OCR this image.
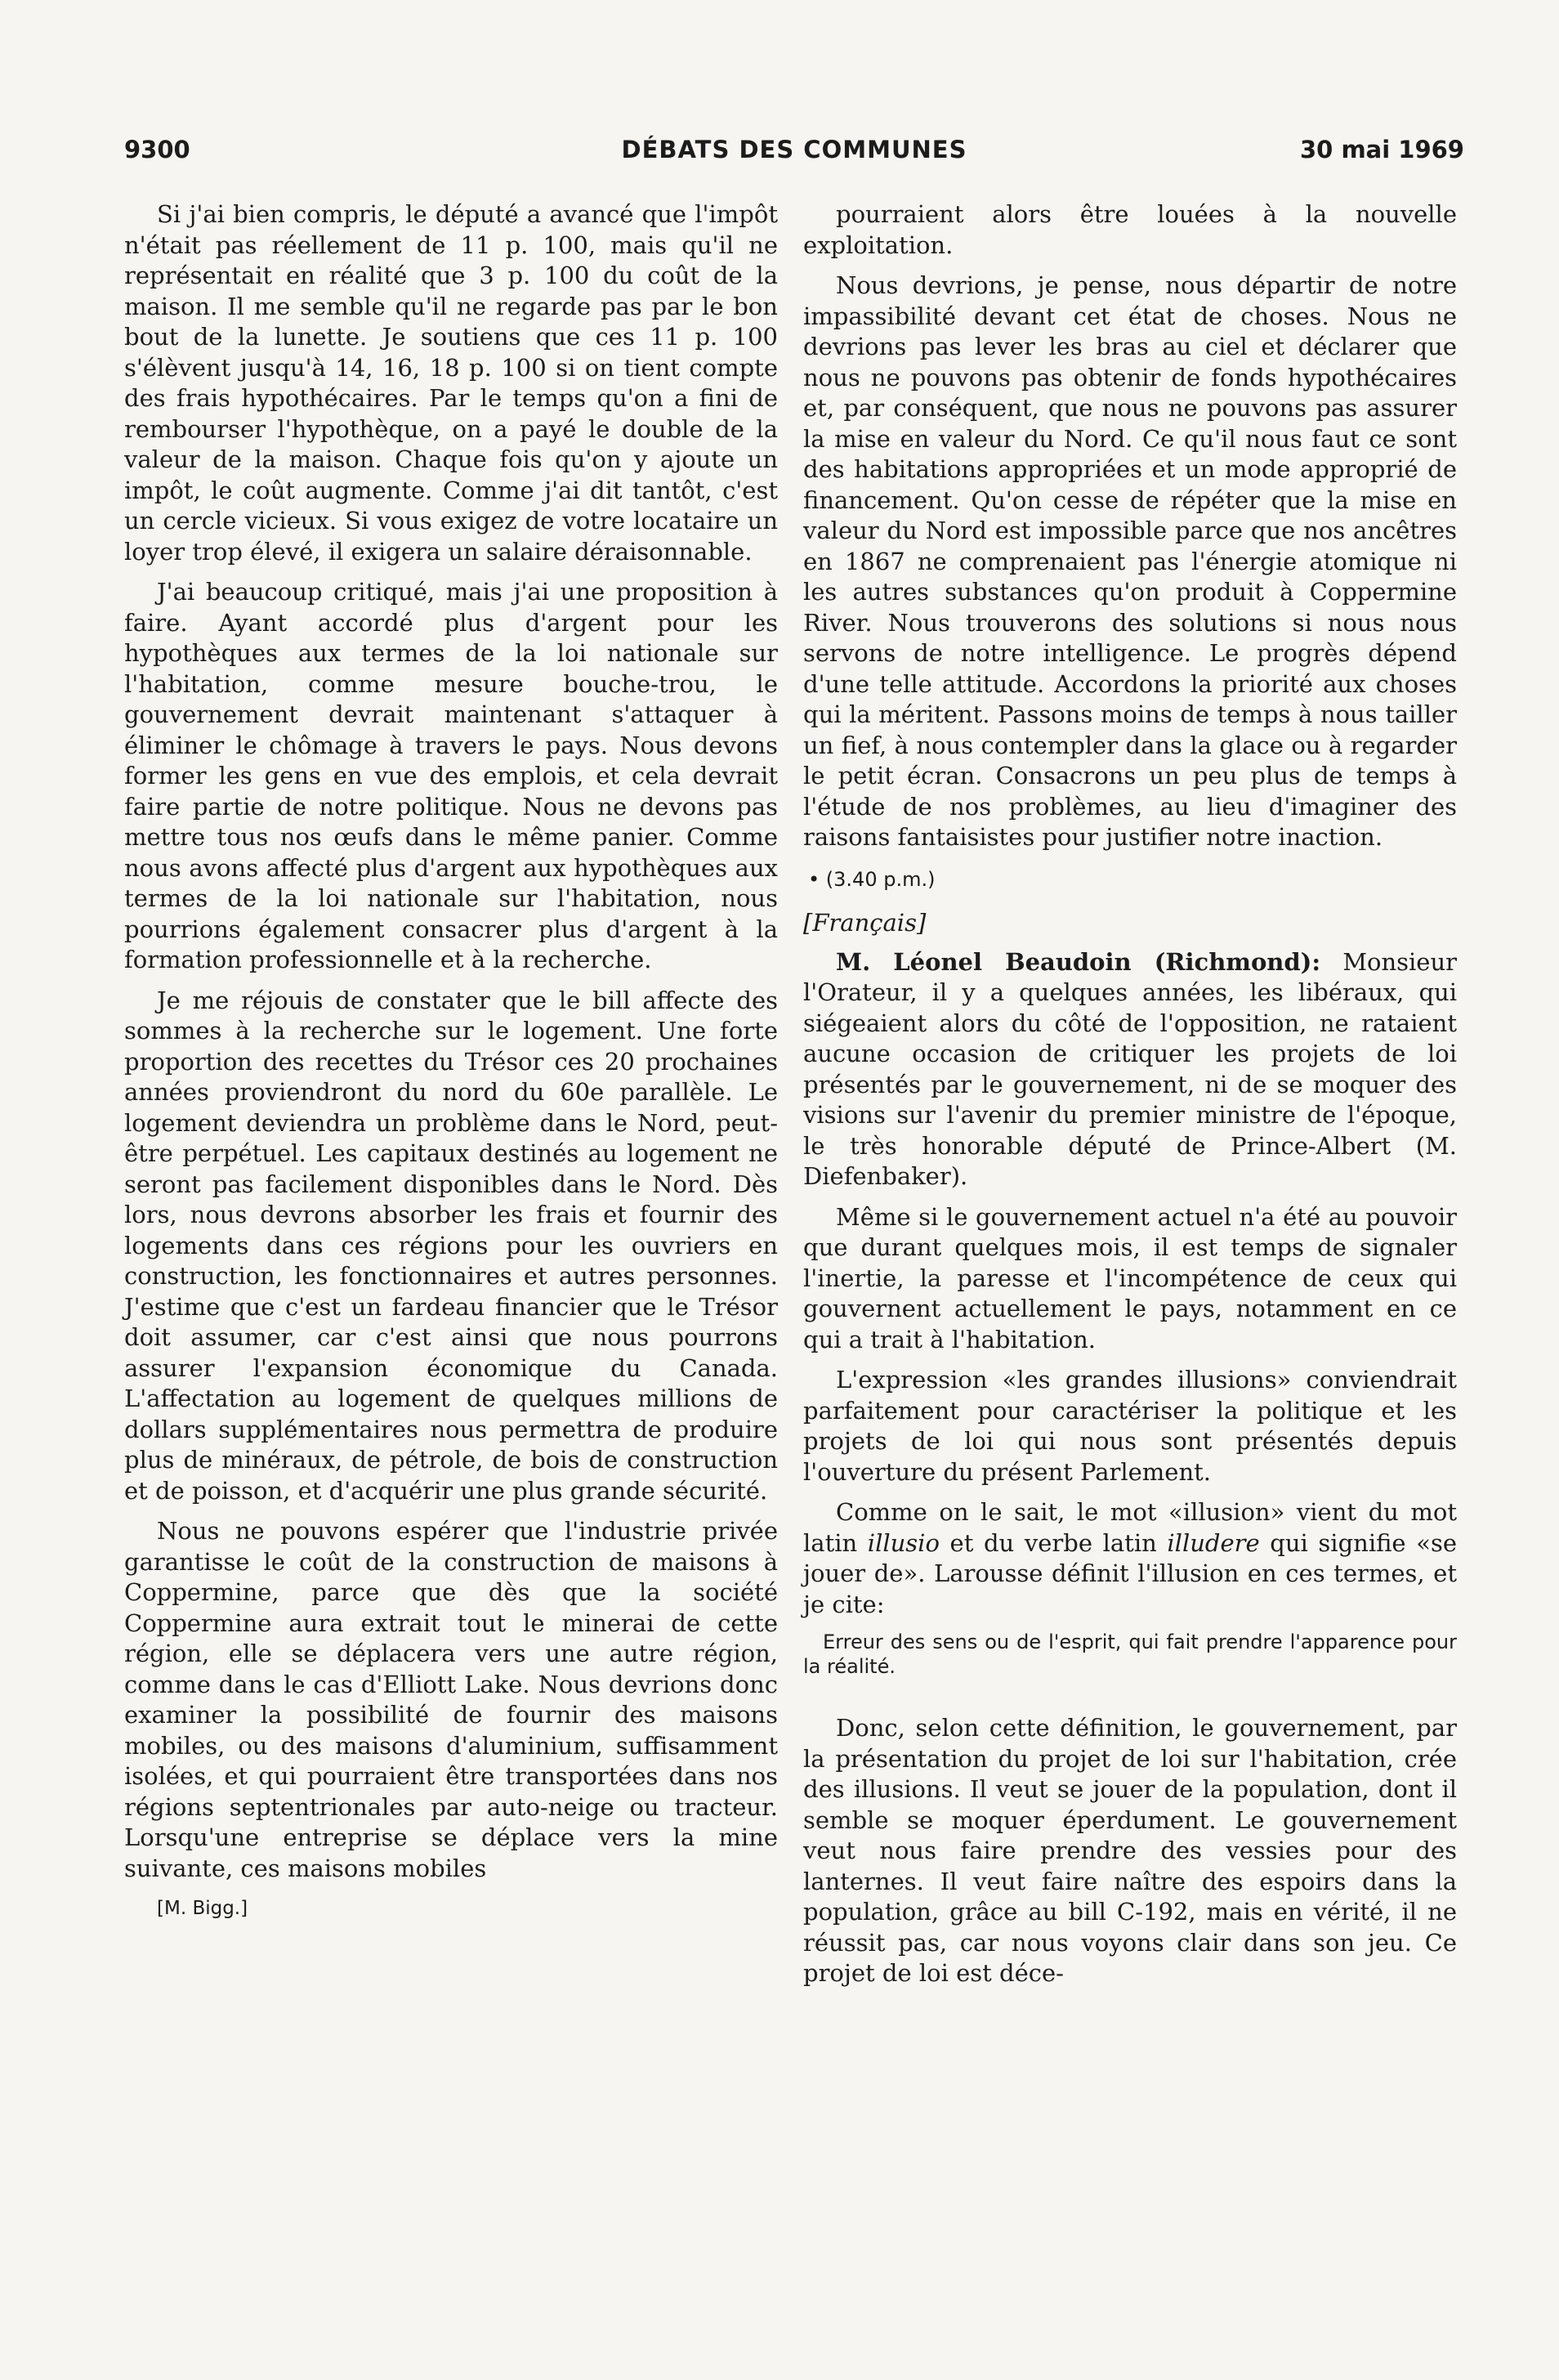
9300	DÉBATS DES COMMUNES	30 mai 1969

Si j'ai bien compris, le député a avancé que l'impôt n'était pas réellement de 11 p. 100, mais qu'il ne représentait en réalité que 3 p. 100 du coût de la maison. Il me semble qu'il ne regarde pas par le bon bout de la lunette. Je soutiens que ces 11 p. 100 s'élèvent jusqu'à 14, 16, 18 p. 100 si on tient compte des frais hypothécaires. Par le temps qu'on a fini de rembourser l'hypothèque, on a payé le double de la valeur de la maison. Chaque fois qu'on y ajoute un impôt, le coût augmente. Comme j'ai dit tantôt, c'est un cercle vicieux. Si vous exigez de votre locataire un loyer trop élevé, il exigera un salaire déraisonnable.

J'ai beaucoup critiqué, mais j'ai une proposition à faire. Ayant accordé plus d'argent pour les hypothèques aux termes de la loi nationale sur l'habitation, comme mesure bouche-trou, le gouvernement devrait maintenant s'attaquer à éliminer le chômage à travers le pays. Nous devons former les gens en vue des emplois, et cela devrait faire partie de notre politique. Nous ne devons pas mettre tous nos œufs dans le même panier. Comme nous avons affecté plus d'argent aux hypothèques aux termes de la loi nationale sur l'habitation, nous pourrions également consacrer plus d'argent à la formation professionnelle et à la recherche.

Je me réjouis de constater que le bill affecte des sommes à la recherche sur le logement. Une forte proportion des recettes du Trésor ces 20 prochaines années proviendront du nord du 60e parallèle. Le logement deviendra un problème dans le Nord, peut-être perpétuel. Les capitaux destinés au logement ne seront pas facilement disponibles dans le Nord. Dès lors, nous devrons absorber les frais et fournir des logements dans ces régions pour les ouvriers en construction, les fonctionnaires et autres personnes. J'estime que c'est un fardeau financier que le Trésor doit assumer, car c'est ainsi que nous pourrons assurer l'expansion économique du Canada. L'affectation au logement de quelques millions de dollars supplémentaires nous permettra de produire plus de minéraux, de pétrole, de bois de construction et de poisson, et d'acquérir une plus grande sécurité.

Nous ne pouvons espérer que l'industrie privée garantisse le coût de la construction de maisons à Coppermine, parce que dès que la société Coppermine aura extrait tout le minerai de cette région, elle se déplacera vers une autre région, comme dans le cas d'Elliott Lake. Nous devrions donc examiner la possibilité de fournir des maisons mobiles, ou des maisons d'aluminium, suffisamment isolées, et qui pourraient être transportées dans nos régions septentrionales par auto-neige ou tracteur. Lorsqu'une entreprise se déplace vers la mine suivante, ces maisons mobiles

[M. Bigg.]

pourraient alors être louées à la nouvelle exploitation.

Nous devrions, je pense, nous départir de notre impassibilité devant cet état de choses. Nous ne devrions pas lever les bras au ciel et déclarer que nous ne pouvons pas obtenir de fonds hypothécaires et, par conséquent, que nous ne pouvons pas assurer la mise en valeur du Nord. Ce qu'il nous faut ce sont des habitations appropriées et un mode approprié de financement. Qu'on cesse de répéter que la mise en valeur du Nord est impossible parce que nos ancêtres en 1867 ne comprenaient pas l'énergie atomique ni les autres substances qu'on produit à Coppermine River. Nous trouverons des solutions si nous nous servons de notre intelligence. Le progrès dépend d'une telle attitude. Accordons la priorité aux choses qui la méritent. Passons moins de temps à nous tailler un fief, à nous contempler dans la glace ou à regarder le petit écran. Consacrons un peu plus de temps à l'étude de nos problèmes, au lieu d'imaginer des raisons fantaisistes pour justifier notre inaction.

• (3.40 p.m.)

[Français]

M. Léonel Beaudoin (Richmond): Monsieur l'Orateur, il y a quelques années, les libéraux, qui siégeaient alors du côté de l'opposition, ne rataient aucune occasion de critiquer les projets de loi présentés par le gouvernement, ni de se moquer des visions sur l'avenir du premier ministre de l'époque, le très honorable député de Prince-Albert (M. Diefenbaker).

Même si le gouvernement actuel n'a été au pouvoir que durant quelques mois, il est temps de signaler l'inertie, la paresse et l'incompétence de ceux qui gouvernent actuellement le pays, notamment en ce qui a trait à l'habitation.

L'expression «les grandes illusions» conviendrait parfaitement pour caractériser la politique et les projets de loi qui nous sont présentés depuis l'ouverture du présent Parlement.

Comme on le sait, le mot «illusion» vient du mot latin illusio et du verbe latin illudere qui signifie «se jouer de». Larousse définit l'illusion en ces termes, et je cite:

Erreur des sens ou de l'esprit, qui fait prendre l'apparence pour la réalité.

Donc, selon cette définition, le gouvernement, par la présentation du projet de loi sur l'habitation, crée des illusions. Il veut se jouer de la population, dont il semble se moquer éperdument. Le gouvernement veut nous faire prendre des vessies pour des lanternes. Il veut faire naître des espoirs dans la population, grâce au bill C-192, mais en vérité, il ne réussit pas, car nous voyons clair dans son jeu. Ce projet de loi est déce-
